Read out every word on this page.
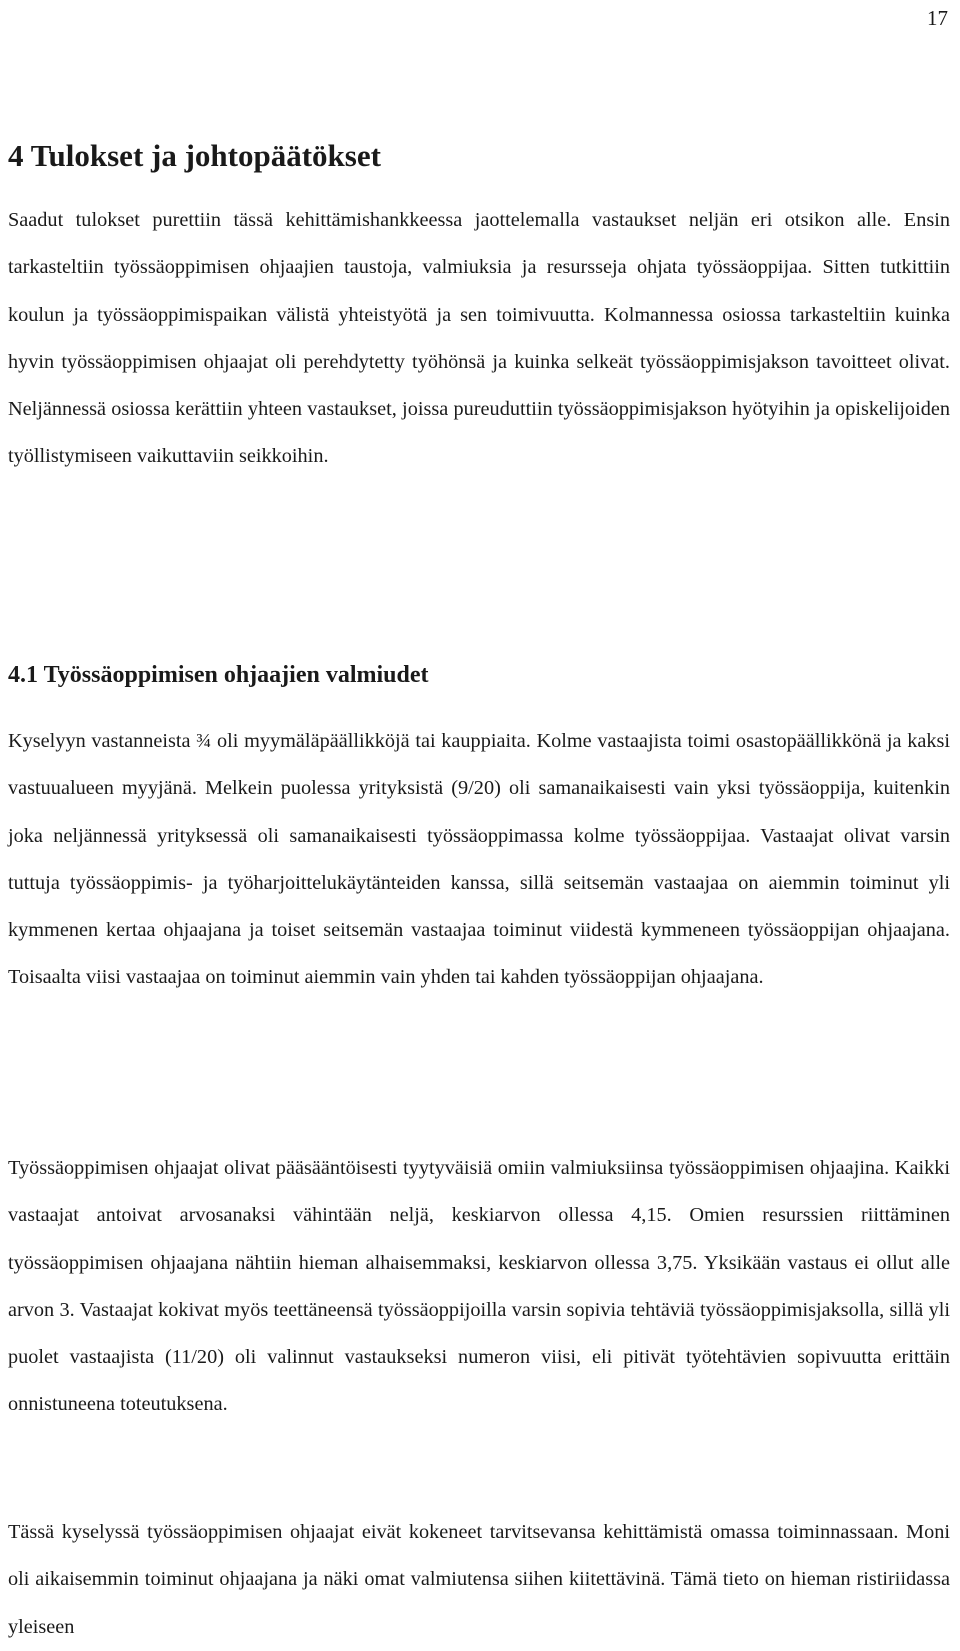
17
4 Tulokset ja johtopäätökset

Saadut tulokset purettiin tässä kehittämishankkeessa jaottelemalla vastaukset neljän eri otsikon alle. Ensin tarkasteltiin työssäoppimisen ohjaajien taustoja, valmiuksia ja resursseja ohjata työssäoppijaa. Sitten tutkittiin koulun ja työssäoppimispaikan välistä yhteistyötä ja sen toimivuutta. Kolmannessa osiossa tarkasteltiin kuinka hyvin työssäoppimisen ohjaajat oli perehdytetty työhönsä ja kuinka selkeät työssäoppimisjakson tavoitteet olivat. Neljännessä osiossa kerättiin yhteen vastaukset, joissa pureuduttiin työssäoppimisjakson hyötyihin ja opiskelijoiden työllistymiseen vaikuttaviin seikkoihin.

4.1 Työssäoppimisen ohjaajien valmiudet

Kyselyyn vastanneista ¾ oli myymäläpäällikköjä tai kauppiaita. Kolme vastaajista toimi osastopäällikkönä ja kaksi vastuualueen myyjänä. Melkein puolessa yrityksistä (9/20) oli samanaikaisesti vain yksi työssäoppija, kuitenkin joka neljännessä yrityksessä oli samanaikaisesti työssäoppimassa kolme työssäoppijaa. Vastaajat olivat varsin tuttuja työssäoppimis- ja työharjoittelukäytänteiden kanssa, sillä seitsemän vastaajaa on aiemmin toiminut yli kymmenen kertaa ohjaajana ja toiset seitsemän vastaajaa toiminut viidestä kymmeneen työssäoppijan ohjaajana. Toisaalta viisi vastaajaa on toiminut aiemmin vain yhden tai kahden työssäoppijan ohjaajana.

Työssäoppimisen ohjaajat olivat pääsääntöisesti tyytyväisiä omiin valmiuksiinsa työssäoppimisen ohjaajina. Kaikki vastaajat antoivat arvosanaksi vähintään neljä, keskiarvon ollessa 4,15. Omien resurssien riittäminen työssäoppimisen ohjaajana nähtiin hieman alhaisemmaksi, keskiarvon ollessa 3,75. Yksikään vastaus ei ollut alle arvon 3. Vastaajat kokivat myös teettäneensä työssäoppijoilla varsin sopivia tehtäviä työssäoppimisjaksolla, sillä yli puolet vastaajista (11/20) oli valinnut vastaukseksi numeron viisi, eli pitivät työtehtävien sopivuutta erittäin onnistuneena toteutuksena.

Tässä kyselyssä työssäoppimisen ohjaajat eivät kokeneet tarvitsevansa kehittämistä omassa toiminnassaan. Moni oli aikaisemmin toiminut ohjaajana ja näki omat valmiutensa siihen kiitettävinä. Tämä tieto on hieman ristiriidassa yleiseen
